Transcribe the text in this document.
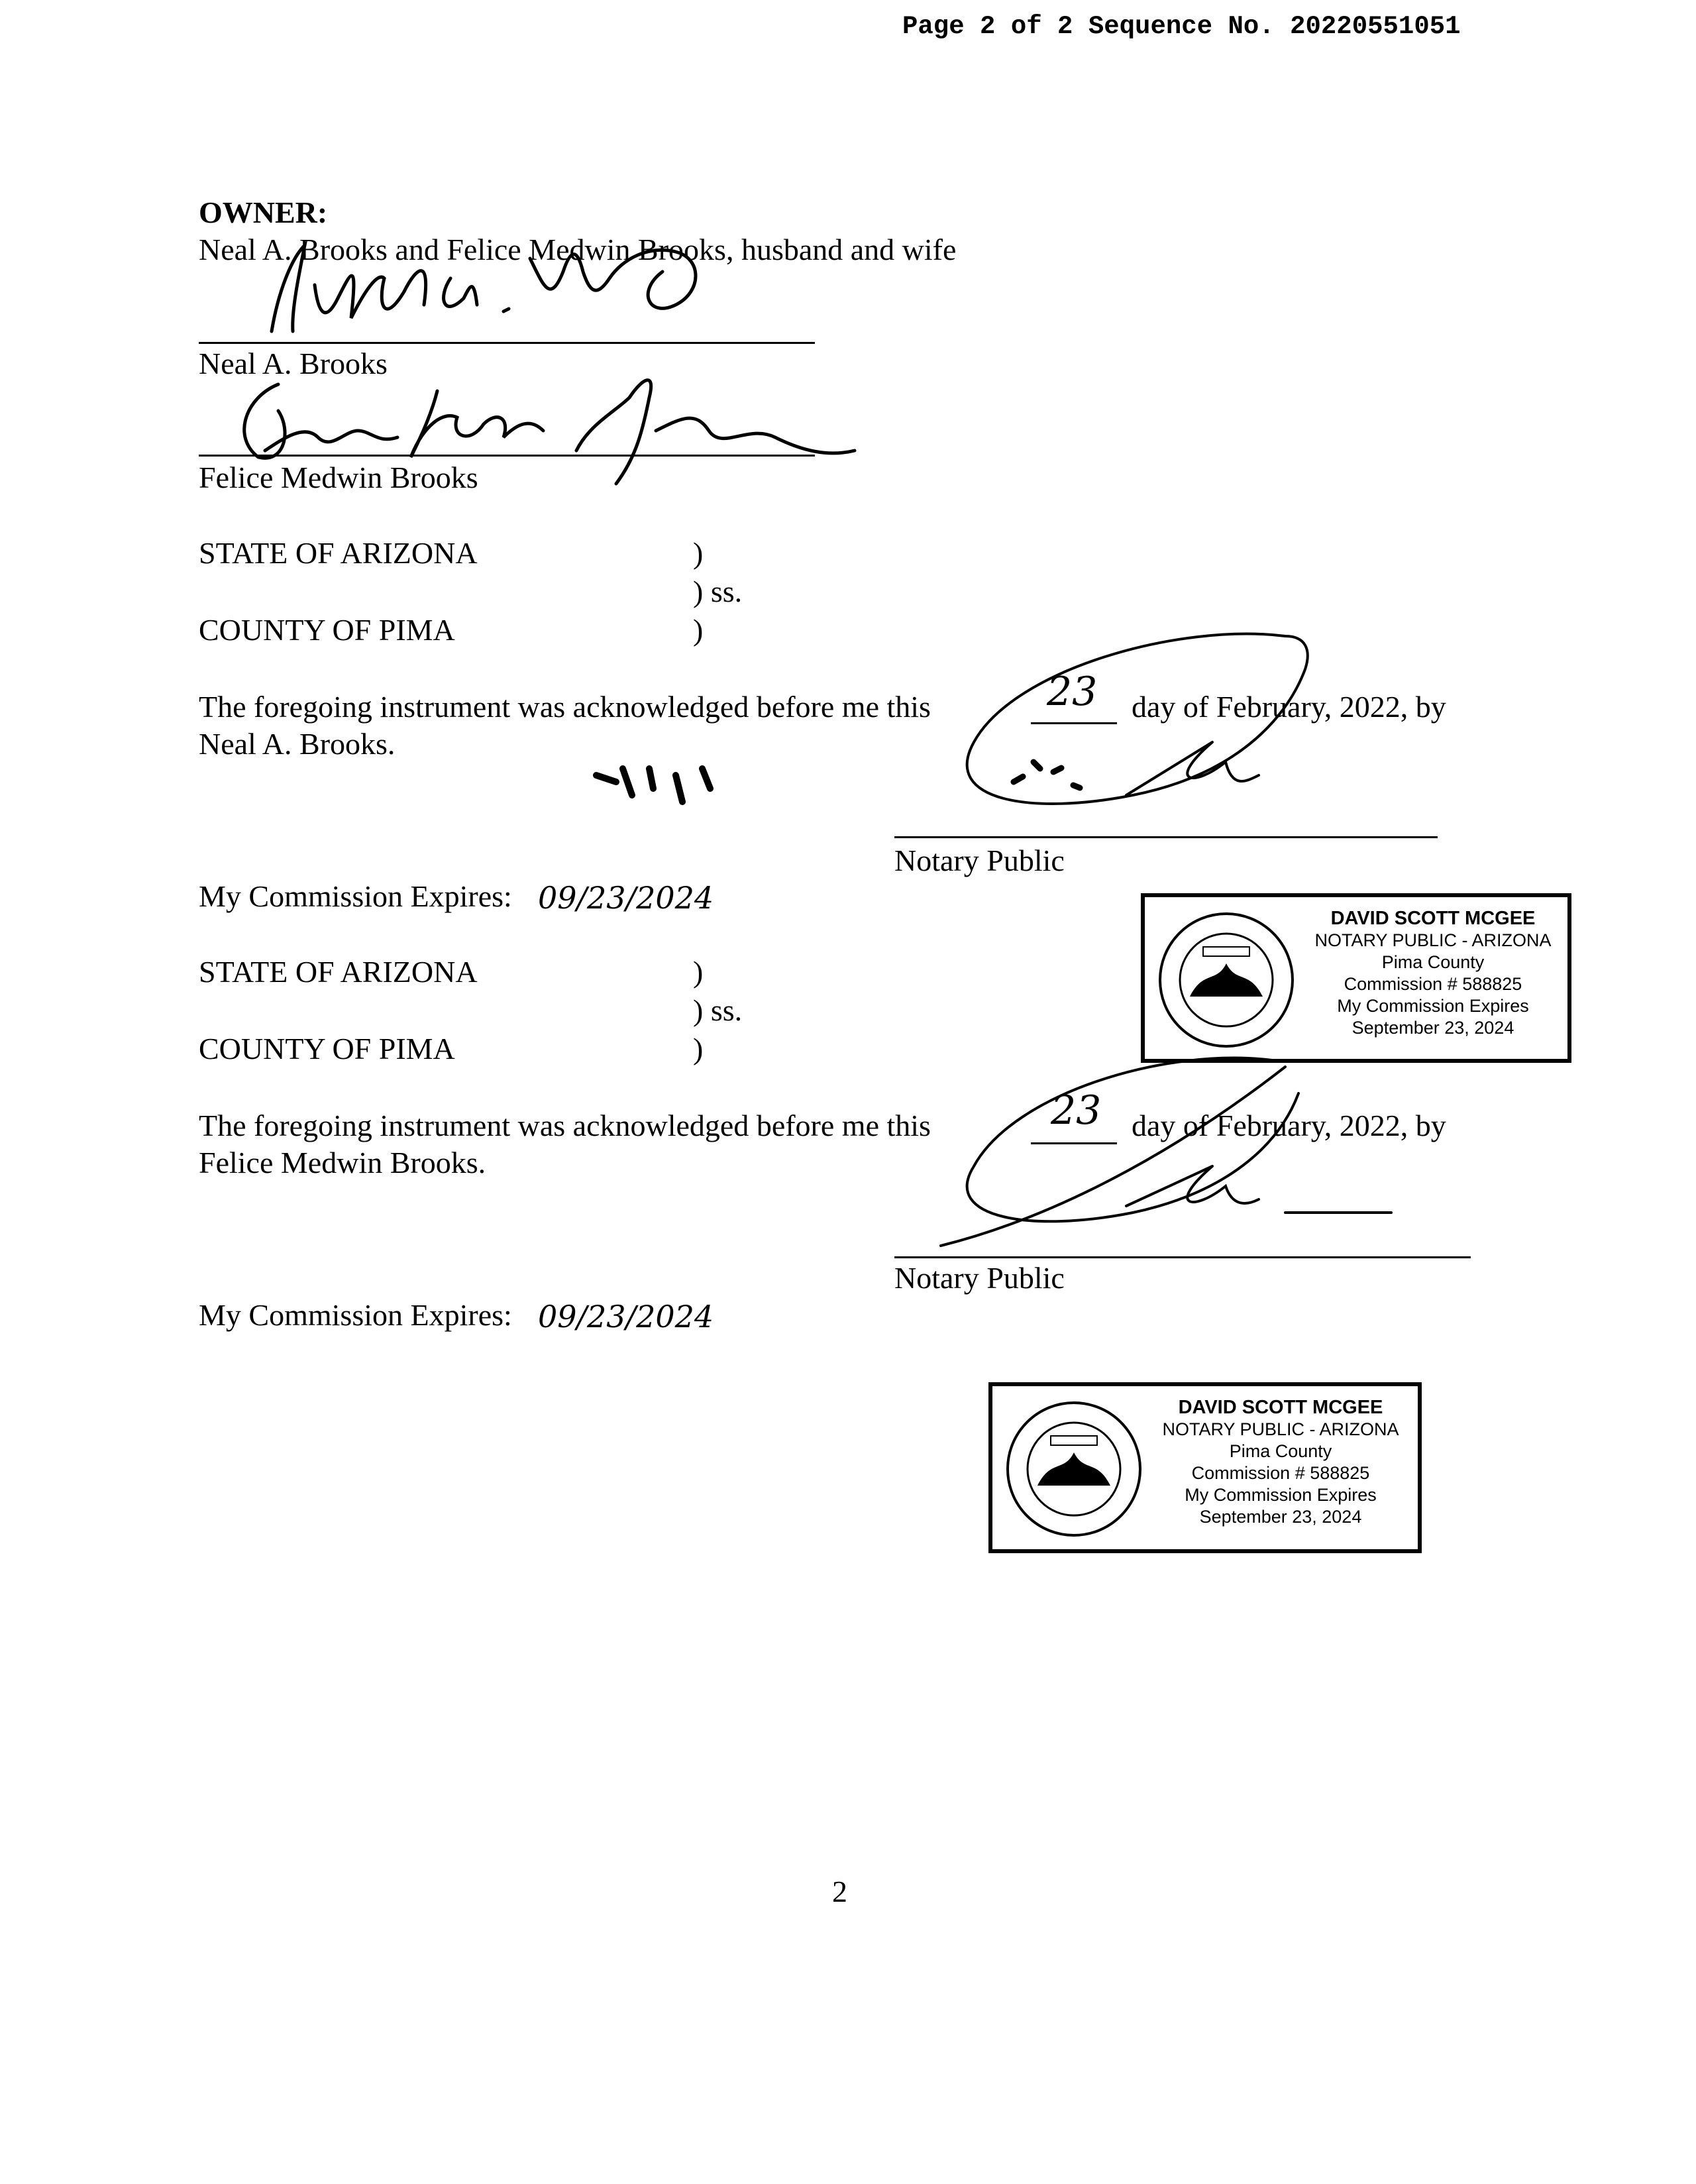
Page 2 of 2 Sequence No. 20220551051
OWNER:
Neal A. Brooks and Felice Medwin Brooks, husband and wife
Neal A. Brooks
Felice Medwin Brooks
STATE OF ARIZONA	)
) ss.
COUNTY OF PIMA	)
The foregoing instrument was acknowledged before me this	23 day of February, 2022, by
Neal A. Brooks.
Notary Public
My Commission Expires: 09/23/2024
STATE OF ARIZONA	)
) ss.
COUNTY OF PIMA	)
DAVID SCOTT MCGEE
NOTARY PUBLIC - ARIZONA
Pima County
Commission # 588825
My Commission Expires
September 23, 2024
The foregoing instrument was acknowledged before me this	23 day of February, 2022, by
Felice Medwin Brooks.
Notary Public
My Commission Expires: 09/23/2024
DAVID SCOTT MCGEE
NOTARY PUBLIC - ARIZONA
Pima County
Commission # 588825
My Commission Expires
September 23, 2024
2
